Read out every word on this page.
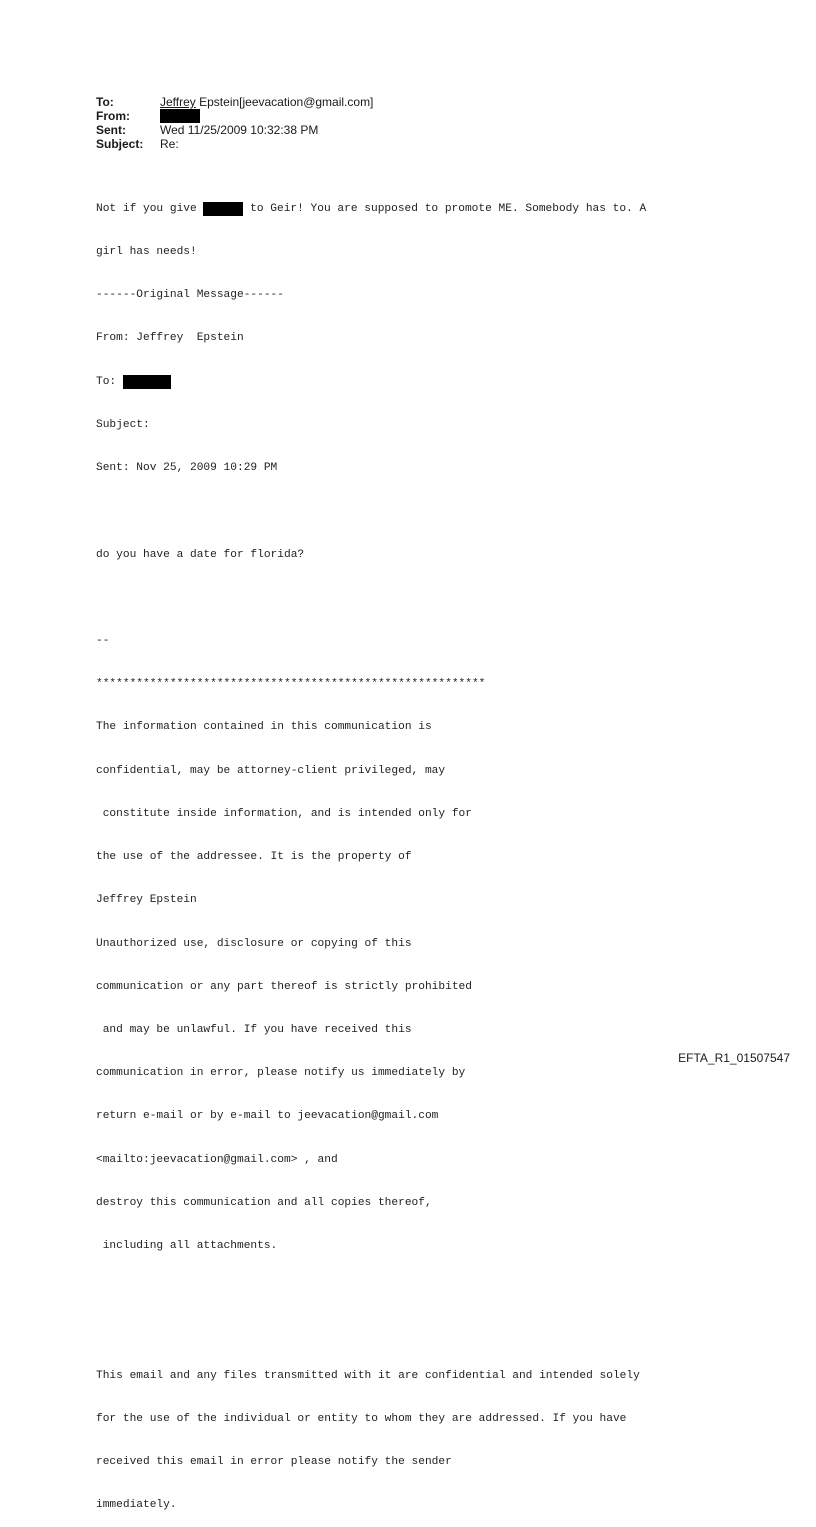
To:	Jeffrey Epstein[jeevacation@gmail.com]
From:
Sent:	Wed 11/25/2009 10:32:38 PM
Subject: Re:

Not if you give	to Geir! You are supposed to promote ME. Somebody has to. A

girl has needs!

------Original Message------

From: Jeffrey  Epstein

To:

Subject:

Sent: Nov 25, 2009 10:29 PM

do you have a date for florida?

--

**********************************************************

The information contained in this communication is

confidential, may be attorney-client privileged, may

constitute inside information, and is intended only for

the use of the addressee. It is the property of

Jeffrey Epstein

Unauthorized use, disclosure or copying of this

communication or any part thereof is strictly prohibited

and may be unlawful. If you have received this

communication in error, please notify us immediately by

return e-mail or by e-mail to jeevacation@gmail.com

<mailto:jeevacation@gmail.com> , and

destroy this communication and all copies thereof,

including all attachments.

This email and any files transmitted with it are confidential and intended solely

for the use of the individual or entity to whom they are addressed. If you have

received this email in error please notify the sender

immediately.

EFTA_R1_01507547
